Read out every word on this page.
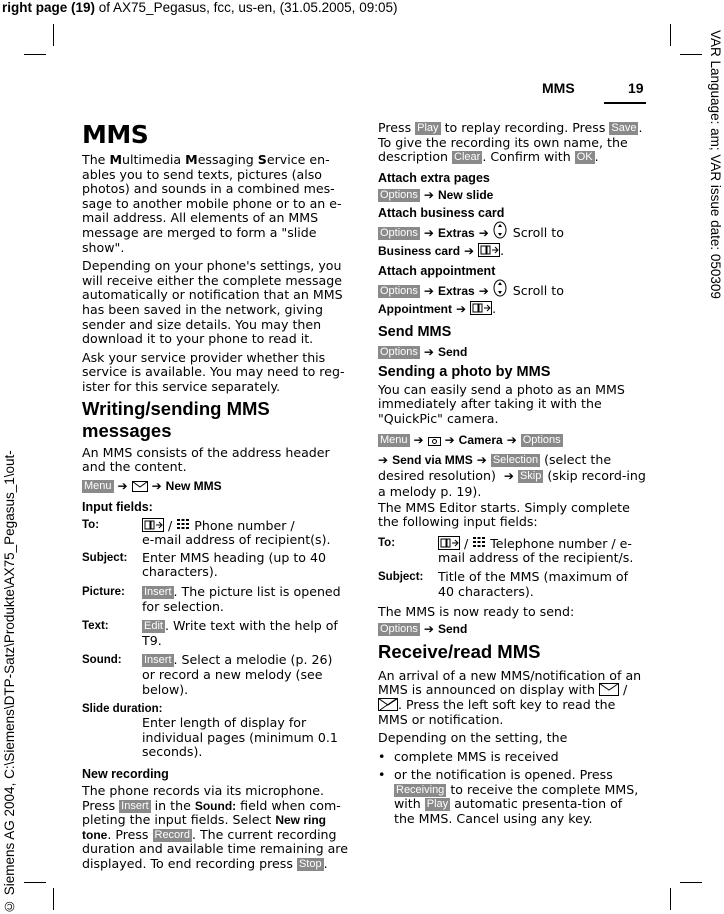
right page (19) of AX75_Pegasus, fcc, us-en, (31.05.2005, 09:05)
VAR Language: am; VAR issue date: 050309
© Siemens AG 2004, C:\Siemens\DTP-Satz\Produkte\AX75_Pegasus_1\out-
MMS	19
MMS

The Multimedia Messaging Service en-ables you to send texts, pictures (also photos) and sounds in a combined mes-sage to another mobile phone or to an e-mail address. All elements of an MMS message are merged to form a "slide show".

Depending on your phone's settings, you will receive either the complete message automatically or notification that an MMS has been saved in the network, giving sender and size details. You may then download it to your phone to read it.

Ask your service provider whether this service is available. You may need to reg-ister for this service separately.

Writing/sending MMS messages

An MMS consists of the address header and the content.

Menu ➔ ➔ New MMS
Input fields:
To:	/  Phone number /
e-mail address of recipient(s).
Subject:	Enter MMS heading (up to 40 characters).
Picture:	Insert . The picture list is opened for selection.
Text:	Edit . Write text with the help of T9.
Sound:	Insert . Select a melodie (p. 26) or record a new melody (see below).
Slide duration:

Enter length of display for individual pages (minimum 0.1 seconds).

New recording

The phone records via its microphone. Press Insert in the Sound: field when com-pleting the input fields. Select New ring tone. Press Record . The current recording duration and available time remaining are displayed. To end recording press Stop .

Press Play to replay recording. Press Save . To give the recording its own name, the description Clear . Confirm with OK .

Attach extra pages
Options ➔ New slide
Attach business card
Options ➔ Extras ➔ Scroll to
Business card ➔ .
Attach appointment
Options ➔ Extras ➔ Scroll to
Appointment ➔ .
Send MMS
Options ➔ Send
Sending a photo by MMS

You can easily send a photo as an MMS immediately after taking it with the "QuickPic" camera.

Menu ➔ ➔ Camera ➔ Options

➔ Send via MMS ➔ Selection (select the desired resolution) ➔ Skip (skip record-ing a melody p. 19).

The MMS Editor starts. Simply complete the following input fields:

To:	/  Telephone number / e-mail address of the recipient/s.
Subject:	Title of the MMS (maximum of 40 characters).

The MMS is now ready to send:

Options ➔ Send
Receive/read MMS

An arrival of a new MMS/notification of an MMS is announced on display with  / . Press the left soft key to read the MMS or notification.

Depending on the setting, the

• complete MMS is received
• or the notification is opened. Press Receiving to receive the complete MMS, with Play automatic presenta-tion of the MMS. Cancel using any key.
